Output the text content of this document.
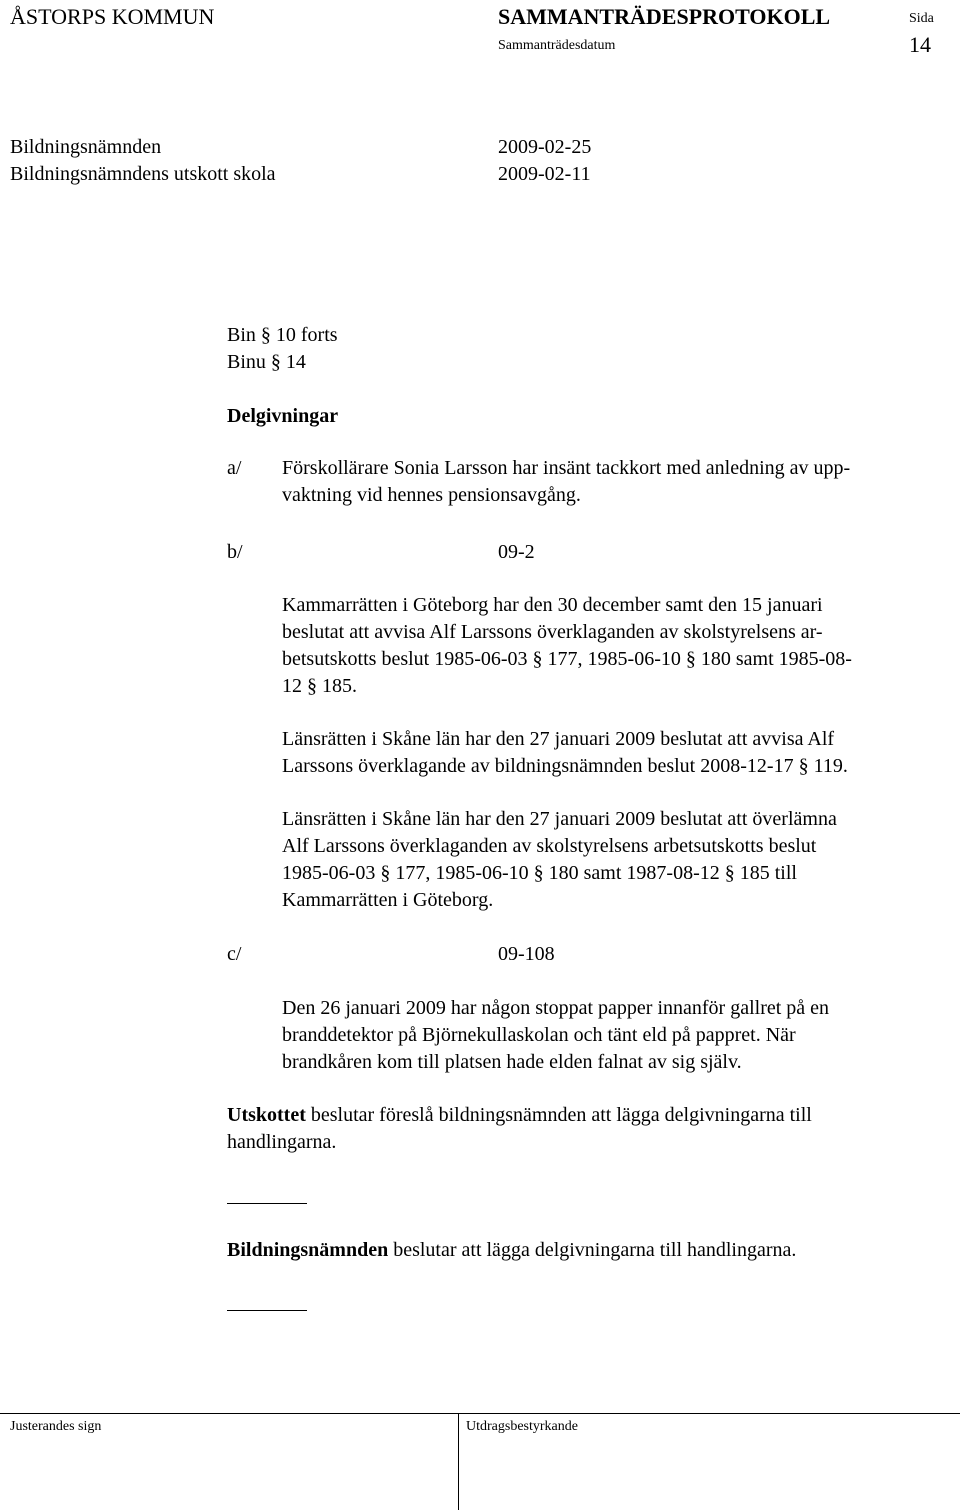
ÅSTORPS KOMMUN	SAMMANTRÄDESPROTOKOLL	Sida
Sammanträdesdatum	14
Bildningsnämnden	2009-02-25
Bildningsnämndens utskott skola	2009-02-11
Bin § 10 forts
Binu § 14
Delgivningar
a/ Förskollärare Sonia Larsson har insänt tackkort med anledning av upp-
vaktning vid hennes pensionsavgång.
b/	09-2
Kammarrätten i Göteborg har den 30 december samt den 15 januari
beslutat att avvisa Alf Larssons överklaganden av skolstyrelsens ar-
betsutskotts beslut 1985-06-03 § 177, 1985-06-10 § 180 samt 1985-08-
12 § 185.
Länsrätten i Skåne län har den 27 januari 2009 beslutat att avvisa Alf
Larssons överklagande av bildningsnämnden beslut 2008-12-17 § 119.
Länsrätten i Skåne län har den 27 januari 2009 beslutat att överlämna
Alf Larssons överklaganden av skolstyrelsens arbetsutskotts beslut
1985-06-03 § 177, 1985-06-10 § 180 samt 1987-08-12 § 185 till
Kammarrätten i Göteborg.
c/	09-108
Den 26 januari 2009 har någon stoppat papper innanför gallret på en
branddetektor på Björnekullaskolan och tänt eld på pappret. När
brandkåren kom till platsen hade elden falnat av sig själv.
Utskottet beslutar föreslå bildningsnämnden att lägga delgivningarna till
handlingarna.
Bildningsnämnden beslutar att lägga delgivningarna till handlingarna.
Justerandes sign	Utdragsbestyrkande
